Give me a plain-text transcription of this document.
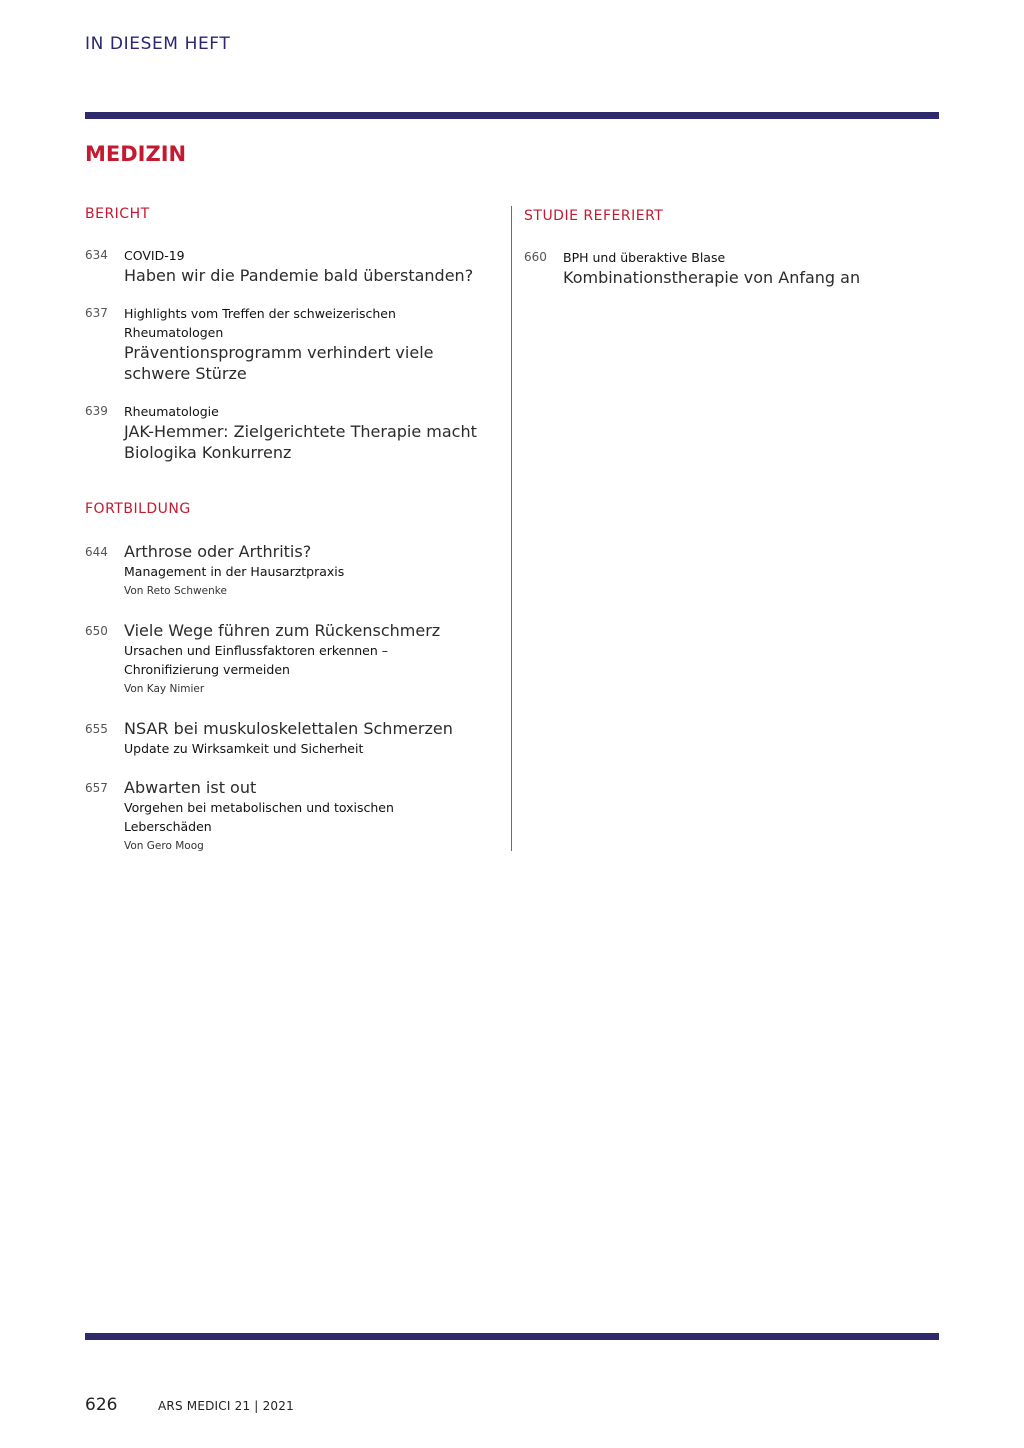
IN DIESEM HEFT
MEDIZIN
BERICHT
634	COVID-19
Haben wir die Pandemie bald überstanden?
637	Highlights vom Treffen der schweizerischen Rheumatologen
Präventionsprogramm verhindert viele schwere Stürze
639	Rheumatologie
JAK-Hemmer: Zielgerichtete Therapie macht Biologika Konkurrenz
FORTBILDUNG
644	Arthrose oder Arthritis?
Management in der Hausarztpraxis
Von Reto Schwenke
650	Viele Wege führen zum Rückenschmerz
Ursachen und Einflussfaktoren erkennen – Chronifizierung vermeiden
Von Kay Nimier
655	NSAR bei muskuloskelettalen Schmerzen
Update zu Wirksamkeit und Sicherheit
657	Abwarten ist out
Vorgehen bei metabolischen und toxischen Leberschäden
Von Gero Moog
STUDIE REFERIERT
660	BPH und überaktive Blase
Kombinationstherapie von Anfang an
626	ARS MEDICI 21 | 2021
